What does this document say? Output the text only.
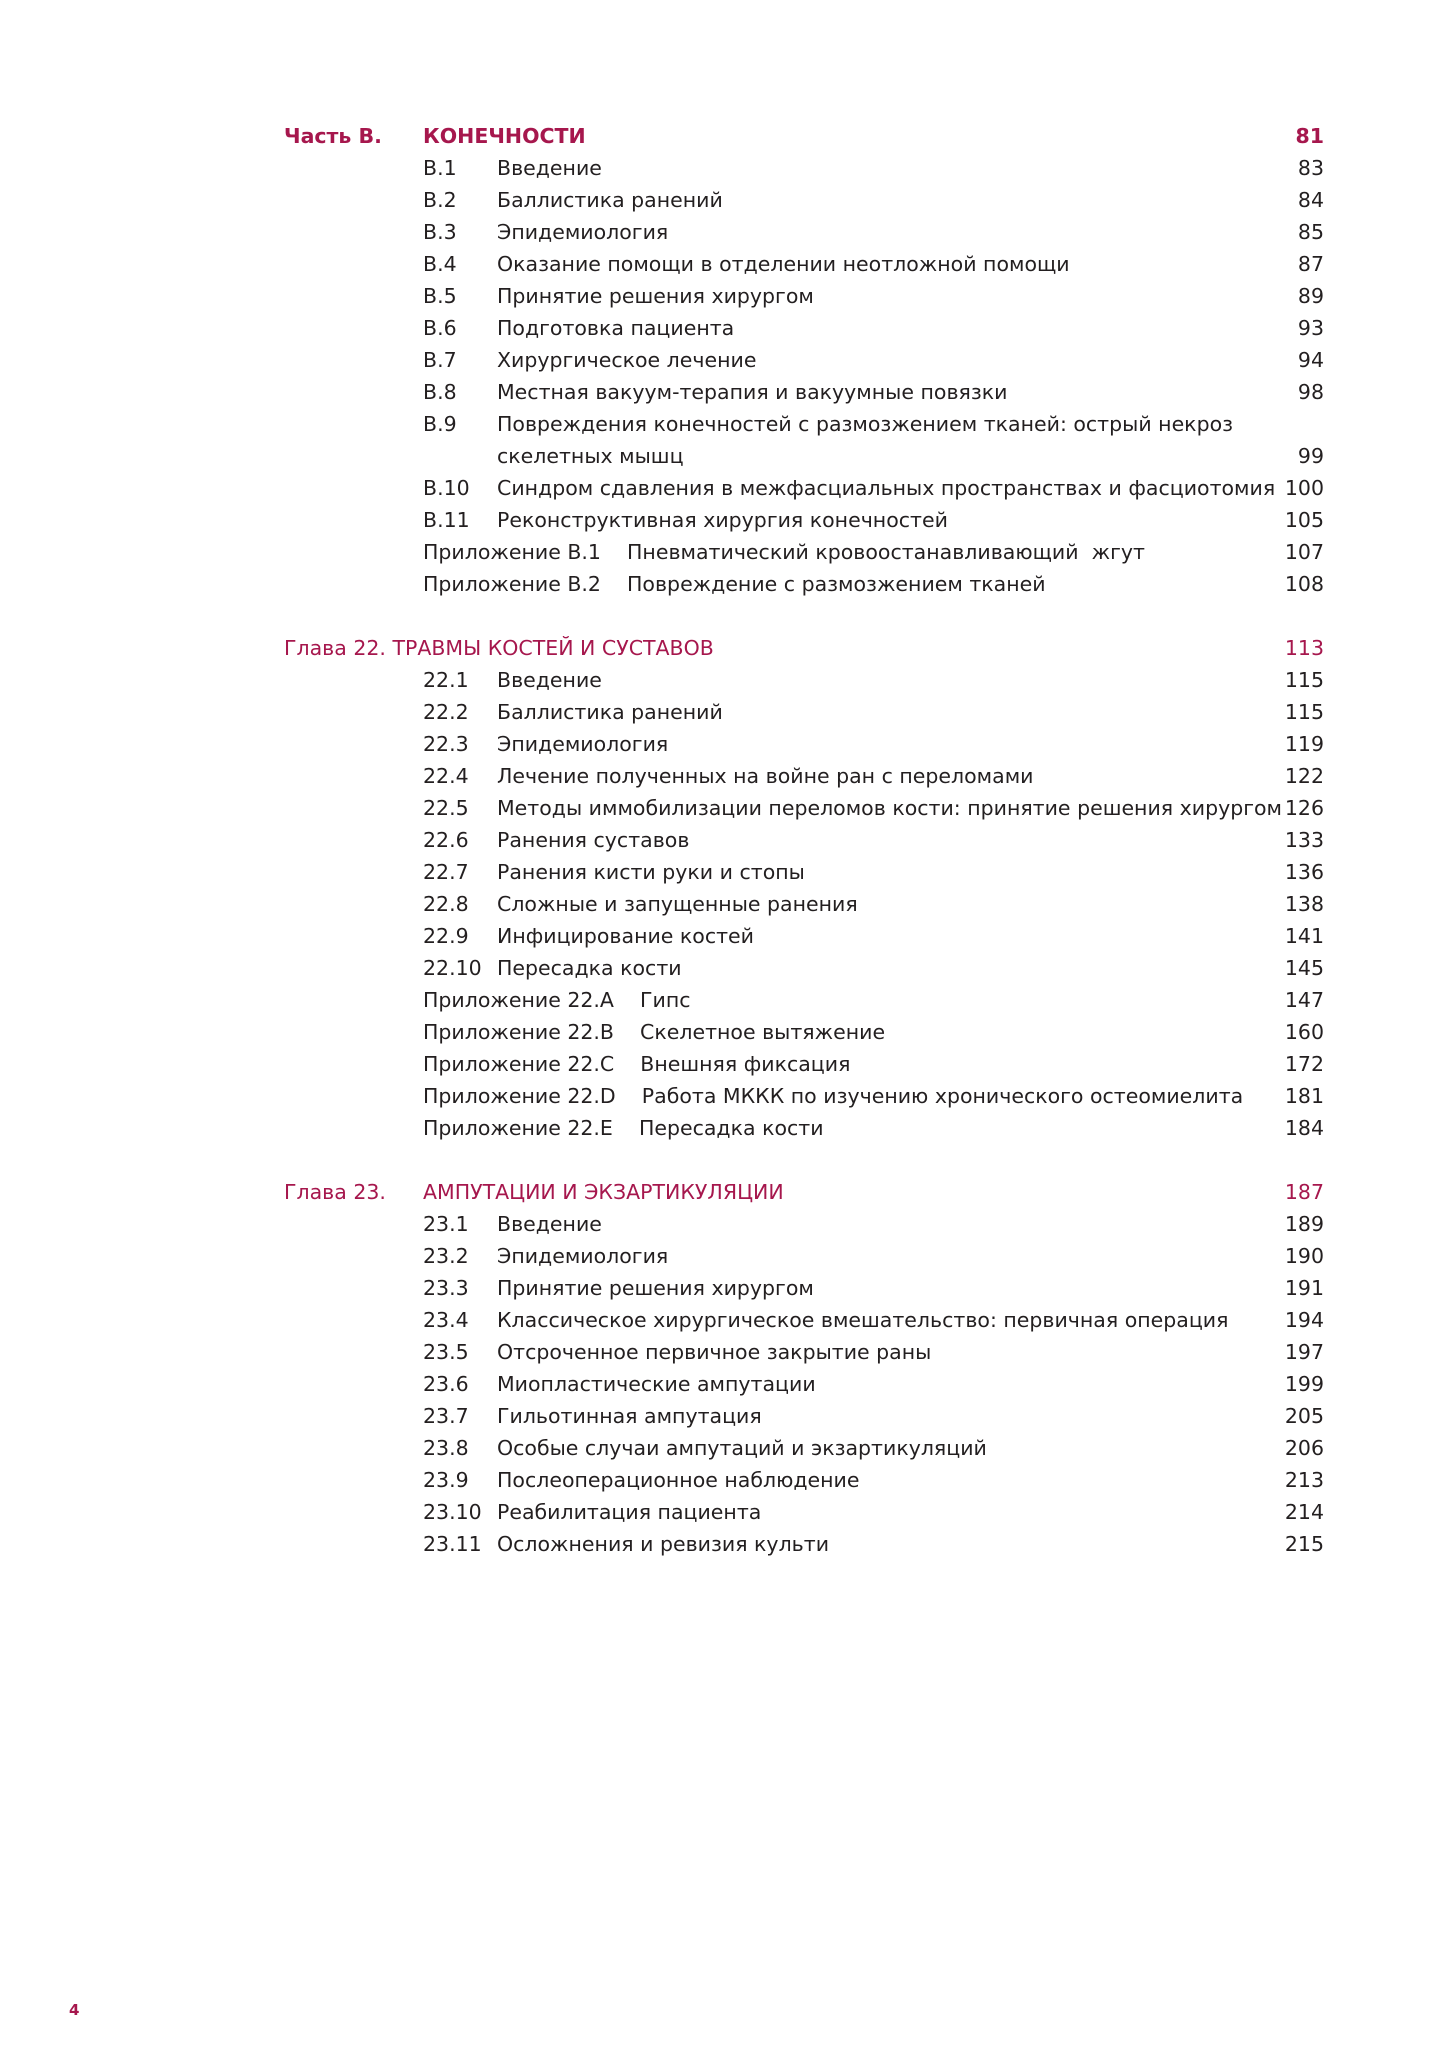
Часть B. КОНЕЧНОСТИ	81
B.1 Введение	83
B.2 Баллистика ранений	84
B.3 Эпидемиология	85
B.4 Оказание помощи в отделении неотложной помощи	87
B.5 Принятие решения хирургом	89
B.6 Подготовка пациента	93
B.7 Хирургическое лечение	94
B.8 Местная вакуум-терапия и вакуумные повязки	98
B.9 Повреждения конечностей с размозжением тканей: острый некроз
скелетных мышц	99
B.10 Синдром сдавления в межфасциальных пространствах и фасциотомия 100
B.11 Реконструктивная хирургия конечностей	105
Приложение B.1    Пневматический кровоостанавливающий  жгут	107
Приложение B.2    Повреждение с размозжением тканей	108
Глава 22. ТРАВМЫ КОСТЕЙ И СУСТАВОВ	113
22.1 Введение	115
22.2 Баллистика ранений	115
22.3 Эпидемиология	119
22.4 Лечение полученных на войне ран с переломами	122
22.5 Методы иммобилизации переломов кости: принятие решения хирургом 126
22.6 Ранения суставов	133
22.7 Ранения кисти руки и стопы	136
22.8 Сложные и запущенные ранения	138
22.9 Инфицирование костей	141
22.10 Пересадка кости	145
Приложение 22.A    Гипс	147
Приложение 22.B    Скелетное вытяжение	160
Приложение 22.C    Внешняя фиксация	172
Приложение 22.D    Работа МККК по изучению хронического остеомиелита 181
Приложение 22.E    Пересадка кости	184
Глава 23. АМПУТАЦИИ И ЭКЗАРТИКУЛЯЦИИ	187
23.1 Введение	189
23.2 Эпидемиология	190
23.3 Принятие решения хирургом	191
23.4 Классическое хирургическое вмешательство: первичная операция	194
23.5 Отсроченное первичное закрытие раны	197
23.6 Миопластические ампутации	199
23.7 Гильотинная ампутация	205
23.8 Особые случаи ампутаций и экзартикуляций	206
23.9 Послеоперационное наблюдение	213
23.10 Реабилитация пациента	214
23.11 Осложнения и ревизия культи	215
4
